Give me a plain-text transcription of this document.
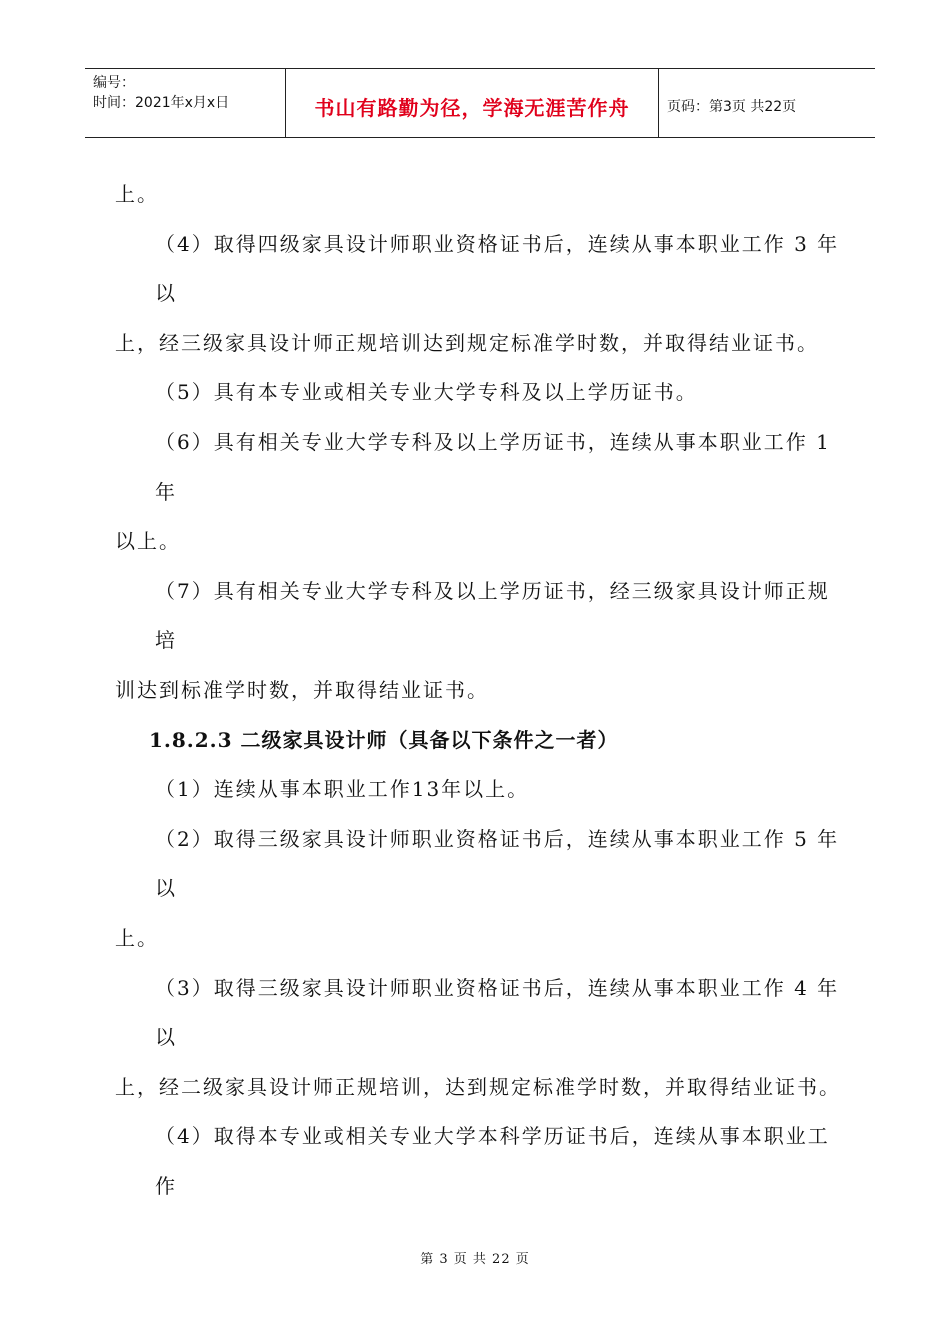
编号：
时间：2021年x月x日	书山有路勤为径，学海无涯苦作舟	页码：第3页 共22页
上。
（4）取得四级家具设计师职业资格证书后，连续从事本职业工作 3 年
以
上，经三级家具设计师正规培训达到规定标准学时数，并取得结业证书。
（5）具有本专业或相关专业大学专科及以上学历证书。
（6）具有相关专业大学专科及以上学历证书，连续从事本职业工作 1
年
以上。
（7）具有相关专业大学专科及以上学历证书，经三级家具设计师正规
培
训达到标准学时数，并取得结业证书。
1.8.2.3 二级家具设计师（具备以下条件之一者）
（1）连续从事本职业工作13年以上。
（2）取得三级家具设计师职业资格证书后，连续从事本职业工作 5 年
以
上。
（3）取得三级家具设计师职业资格证书后，连续从事本职业工作 4 年
以
上，经二级家具设计师正规培训，达到规定标准学时数，并取得结业证书。
（4）取得本专业或相关专业大学本科学历证书后，连续从事本职业工
作
第 3 页 共 22 页
